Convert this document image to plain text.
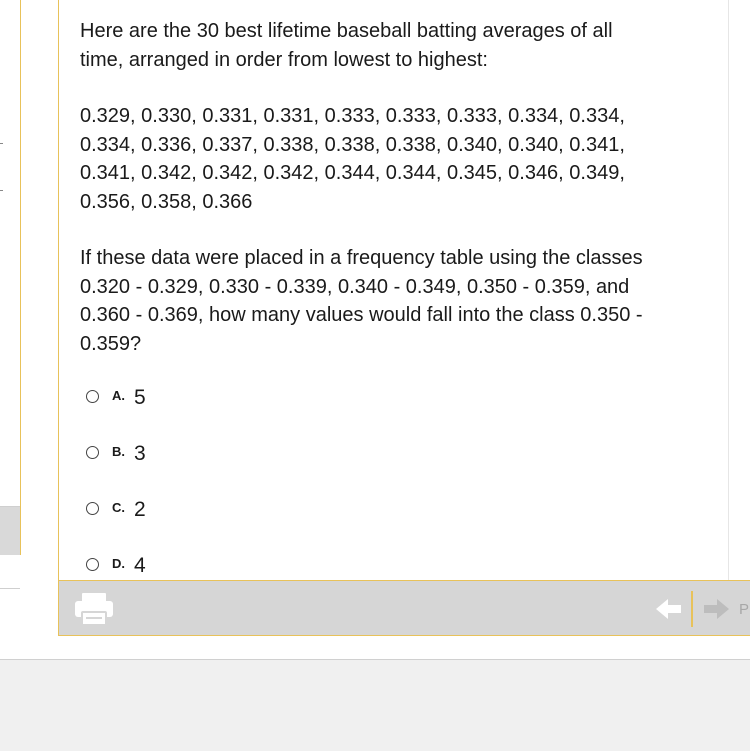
Here are the 30 best lifetime baseball batting averages of all time, arranged in order from lowest to highest:

0.329, 0.330, 0.331, 0.331, 0.333, 0.333, 0.333, 0.334, 0.334, 0.334, 0.336, 0.337, 0.338, 0.338, 0.338, 0.340, 0.340, 0.341, 0.341, 0.342, 0.342, 0.342, 0.344, 0.344, 0.345, 0.346, 0.349, 0.356, 0.358, 0.366

If these data were placed in a frequency table using the classes 0.320 - 0.329, 0.330 - 0.339, 0.340 - 0.349, 0.350 - 0.359, and 0.360 - 0.369, how many values would fall into the class 0.350 - 0.359?

A. 5
B. 3
C. 2
D. 4
P
